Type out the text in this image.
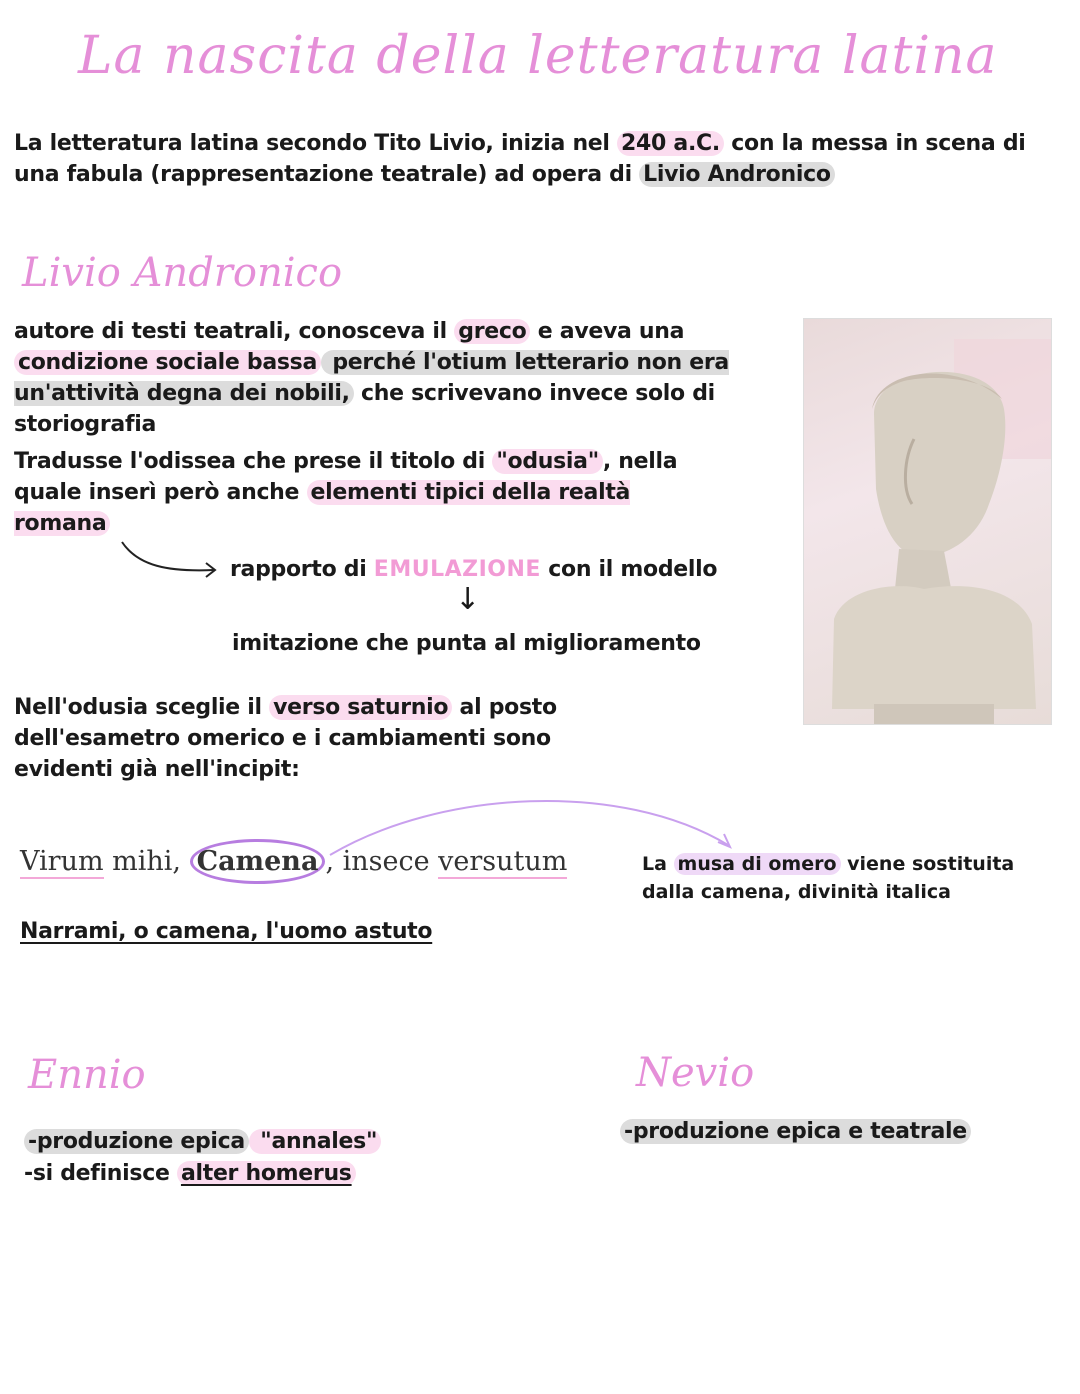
La nascita della letteratura latina
La letteratura latina secondo Tito Livio, inizia nel 240 a.C. con la messa in scena di una fabula (rappresentazione teatrale) ad opera di Livio Andronico
Livio Andronico
autore di testi teatrali, conosceva il greco e aveva una condizione sociale bassa perché l'otium letterario non era un'attività degna dei nobili, che scrivevano invece solo di storiografia
Tradusse l'odissea che prese il titolo di "odusia" , nella quale inserì però anche elementi tipici della realtà romana
rapporto di EMULAZIONE con il modello
↓
imitazione che punta al miglioramento
Nell'odusia sceglie il verso saturnio al posto dell'esametro omerico e i cambiamenti sono evidenti già nell'incipit:
Virum mihi, Camena , insece versutum	La musa di omero viene sostituita dalla camena, divinità italica
Narrami, o camena, l'uomo astuto
Ennio
-produzione epica "annales"
-si definisce alter homerus
Nevio
-produzione epica e teatrale
